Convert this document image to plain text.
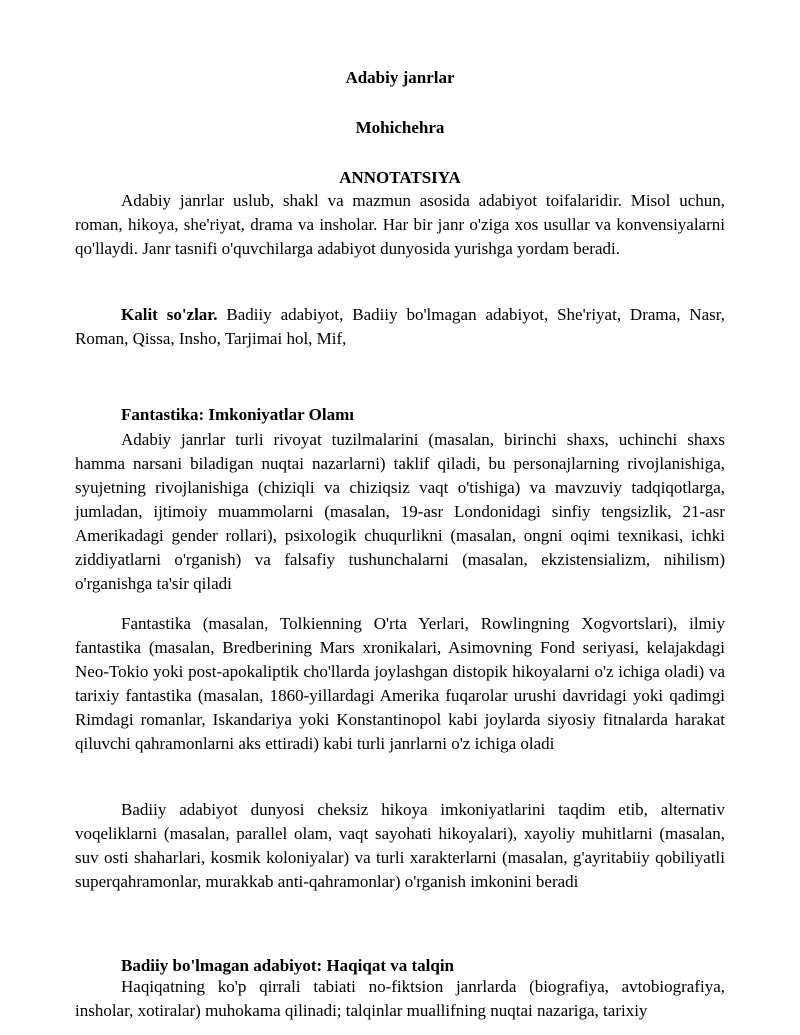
Adabiy janrlar
Mohichehra
ANNOTATSIYA
Adabiy janrlar uslub, shakl va mazmun asosida adabiyot toifalaridir. Misol uchun, roman, hikoya, she'riyat, drama va insholar. Har bir janr o'ziga xos usullar va konvensiyalarni qo'llaydi. Janr tasnifi o'quvchilarga adabiyot dunyosida yurishga yordam beradi.
Kalit so'zlar. Badiiy adabiyot, Badiiy bo'lmagan adabiyot, She'riyat, Drama, Nasr, Roman, Qissa, Insho, Tarjimai hol, Mif,
Fantastika: Imkoniyatlar Olamı
Adabiy janrlar turli rivoyat tuzilmalarini (masalan, birinchi shaxs, uchinchi shaxs hamma narsani biladigan nuqtai nazarlarni) taklif qiladi, bu personajlarning rivojlanishiga, syujetning rivojlanishiga (chiziqli va chiziqsiz vaqt o'tishiga) va mavzuviy tadqiqotlarga, jumladan, ijtimoiy muammolarni (masalan, 19-asr Londonidagi sinfiy tengsizlik, 21-asr Amerikadagi gender rollari), psixologik chuqurlikni (masalan, ongni oqimi texnikasi, ichki ziddiyatlarni o'rganish) va falsafiy tushunchalarni (masalan, ekzistensializm, nihilism) o'rganishga ta'sir qiladi
Fantastika (masalan, Tolkienning O'rta Yerlari, Rowlingning Xogvortslari), ilmiy fantastika (masalan, Bredberining Mars xronikalari, Asimovning Fond seriyasi, kelajakdagi Neo-Tokio yoki post-apokaliptik cho'llarda joylashgan distopik hikoyalarni o'z ichiga oladi) va tarixiy fantastika (masalan, 1860-yillardagi Amerika fuqarolar urushi davridagi yoki qadimgi Rimdagi romanlar, Iskandariya yoki Konstantinopol kabi joylarda siyosiy fitnalarda harakat qiluvchi qahramonlarni aks ettiradi) kabi turli janrlarni o'z ichiga oladi
Badiiy adabiyot dunyosi cheksiz hikoya imkoniyatlarini taqdim etib, alternativ voqeliklarni (masalan, parallel olam, vaqt sayohati hikoyalari), xayoliy muhitlarni (masalan, suv osti shaharlari, kosmik koloniyalar) va turli xarakterlarni (masalan, g'ayritabiiy qobiliyatli superqahramonlar, murakkab anti-qahramonlar) o'rganish imkonini beradi
Badiiy bo'lmagan adabiyot: Haqiqat va talqin
Haqiqatning ko'p qirrali tabiati no-fiktsion janrlarda (biografiya, avtobiografiya, insholar, xotiralar) muhokama qilinadi; talqinlar muallifning nuqtai nazariga, tarixiy
